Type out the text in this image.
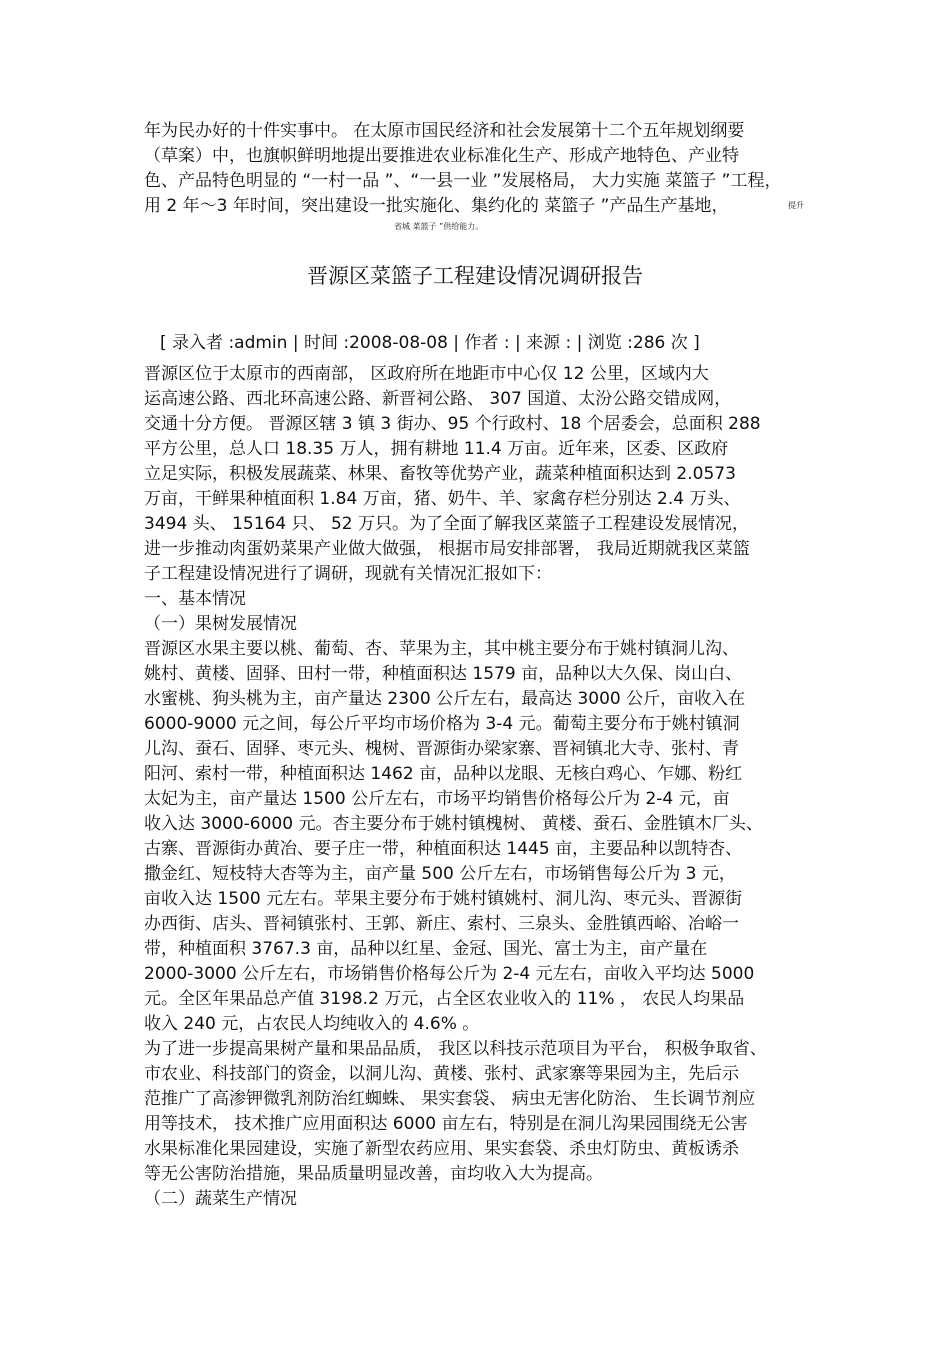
年为民办好的十件实事中。 在太原市国民经济和社会发展第十二个五年规划纲要
（草案）中，也旗帜鲜明地提出要推进农业标准化生产、形成产地特色、产业特
色、产品特色明显的 “一村一品 ”、“一县一业 ”发展格局， 大力实施 菜篮子 ”工程，
用 2 年～3 年时间，突出建设一批实施化、集约化的 菜篮子 ”产品生产基地，	提升
省城 菜篮子 ”供给能力。
晋源区菜篮子工程建设情况调研报告
[ 录入者 :admin | 时间 :2008-08-08 | 作者 : | 来源 : | 浏览 :286 次 ]
晋源区位于太原市的西南部， 区政府所在地距市中心仅 12 公里，区域内大
运高速公路、西北环高速公路、新晋祠公路、 307 国道、太汾公路交错成网，
交通十分方便。 晋源区辖 3 镇 3 街办、95 个行政村、18 个居委会，总面积 288
平方公里，总人口 18.35 万人，拥有耕地 11.4 万亩。近年来，区委、区政府
立足实际，积极发展蔬菜、林果、畜牧等优势产业，蔬菜种植面积达到 2.0573
万亩，干鲜果种植面积 1.84 万亩，猪、奶牛、羊、家禽存栏分别达 2.4 万头、
3494 头、 15164 只、 52 万只。为了全面了解我区菜篮子工程建设发展情况，
进一步推动肉蛋奶菜果产业做大做强， 根据市局安排部署， 我局近期就我区菜篮
子工程建设情况进行了调研，现就有关情况汇报如下：
一、基本情况
（一）果树发展情况
晋源区水果主要以桃、葡萄、杏、苹果为主，其中桃主要分布于姚村镇洞儿沟、
姚村、黄楼、固驿、田村一带，种植面积达 1579 亩，品种以大久保、岗山白、
水蜜桃、狗头桃为主，亩产量达 2300 公斤左右，最高达 3000 公斤，亩收入在
6000-9000 元之间，每公斤平均市场价格为 3-4 元。葡萄主要分布于姚村镇洞
儿沟、蚕石、固驿、枣元头、槐树、晋源街办梁家寨、晋祠镇北大寺、张村、青
阳河、索村一带，种植面积达 1462 亩，品种以龙眼、无核白鸡心、乍娜、粉红
太妃为主，亩产量达 1500 公斤左右，市场平均销售价格每公斤为 2-4 元，亩
收入达 3000-6000 元。杏主要分布于姚村镇槐树、 黄楼、蚕石、金胜镇木厂头、
古寨、晋源街办黄冶、要子庄一带，种植面积达 1445 亩，主要品种以凯特杏、
撒金红、短枝特大杏等为主，亩产量 500 公斤左右，市场销售每公斤为 3 元，
亩收入达 1500 元左右。苹果主要分布于姚村镇姚村、洞儿沟、枣元头、晋源街
办西街、店头、晋祠镇张村、王郭、新庄、索村、三泉头、金胜镇西峪、冶峪一
带，种植面积 3767.3 亩，品种以红星、金冠、国光、富士为主，亩产量在
2000-3000 公斤左右，市场销售价格每公斤为 2-4 元左右，亩收入平均达 5000
元。全区年果品总产值 3198.2 万元，占全区农业收入的 11% ， 农民人均果品
收入 240 元，占农民人均纯收入的 4.6% 。
为了进一步提高果树产量和果品品质， 我区以科技示范项目为平台， 积极争取省、
市农业、科技部门的资金，以洞儿沟、黄楼、张村、武家寨等果园为主，先后示
范推广了高渗钾微乳剂防治红蜘蛛、 果实套袋、 病虫无害化防治、 生长调节剂应
用等技术， 技术推广应用面积达 6000 亩左右，特别是在洞儿沟果园围绕无公害
水果标准化果园建设，实施了新型农药应用、果实套袋、杀虫灯防虫、黄板诱杀
等无公害防治措施，果品质量明显改善，亩均收入大为提高。
（二）蔬菜生产情况
